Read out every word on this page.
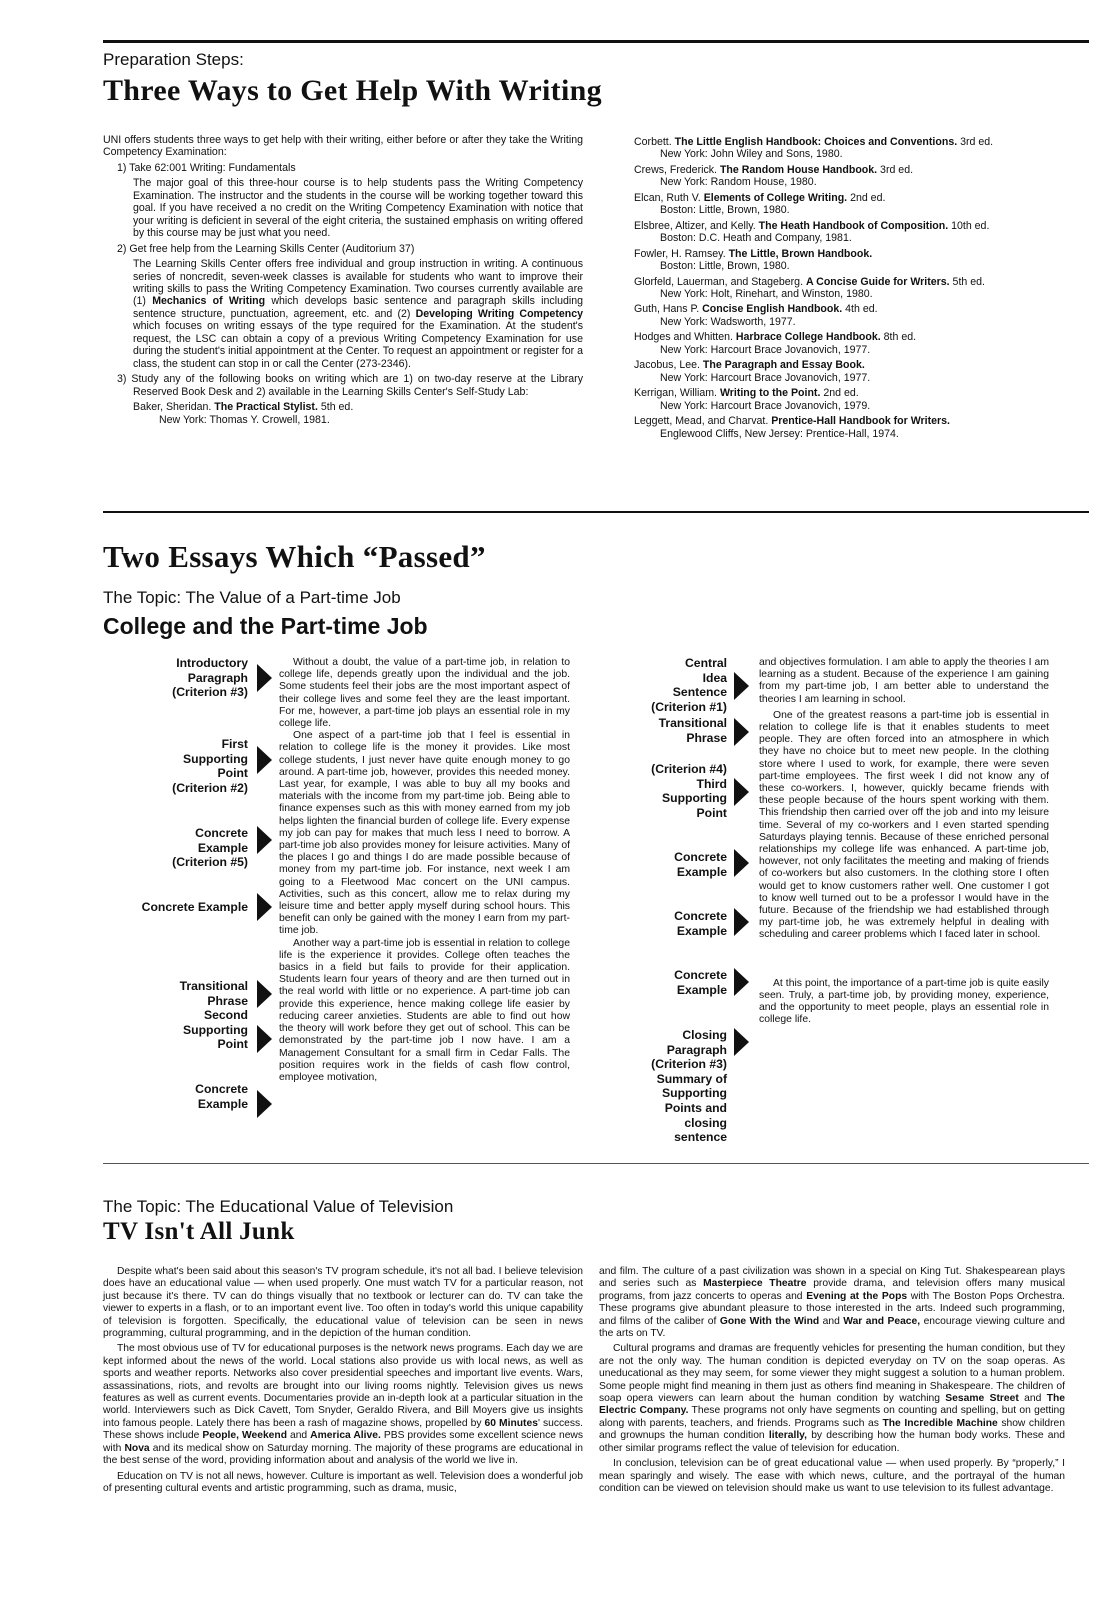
Preparation Steps:
Three Ways to Get Help With Writing

UNI offers students three ways to get help with their writing, either before or after they take the Writing Competency Examination:

1) Take 62:001 Writing: Fundamentals

The major goal of this three-hour course is to help students pass the Writing Competency Examination. The instructor and the students in the course will be working together toward this goal. If you have received a no credit on the Writing Competency Examination with notice that your writing is deficient in several of the eight criteria, the sustained emphasis on writing offered by this course may be just what you need.

2) Get free help from the Learning Skills Center (Auditorium 37)

The Learning Skills Center offers free individual and group instruction in writing. A continuous series of noncredit, seven-week classes is available for students who want to improve their writing skills to pass the Writing Competency Examination. Two courses currently available are (1) Mechanics of Writing which develops basic sentence and paragraph skills including sentence structure, punctuation, agreement, etc. and (2) Developing Writing Competency which focuses on writing essays of the type required for the Examination. At the student's request, the LSC can obtain a copy of a previous Writing Competency Examination for use during the student's initial appointment at the Center. To request an appointment or register for a class, the student can stop in or call the Center (273-2346).

3) Study any of the following books on writing which are 1) on two-day reserve at the Library Reserved Book Desk and 2) available in the Learning Skills Center's Self-Study Lab:

Baker, Sheridan. The Practical Stylist. 5th ed.
New York: Thomas Y. Crowell, 1981.

Corbett. The Little English Handbook: Choices and Conventions. 3rd ed.
New York: John Wiley and Sons, 1980.

Crews, Frederick. The Random House Handbook. 3rd ed.
New York: Random House, 1980.

Elcan, Ruth V. Elements of College Writing. 2nd ed.
Boston: Little, Brown, 1980.

Elsbree, Altizer, and Kelly. The Heath Handbook of Composition. 10th ed.
Boston: D.C. Heath and Company, 1981.

Fowler, H. Ramsey. The Little, Brown Handbook.
Boston: Little, Brown, 1980.

Glorfeld, Lauerman, and Stageberg. A Concise Guide for Writers. 5th ed.
New York: Holt, Rinehart, and Winston, 1980.

Guth, Hans P. Concise English Handbook. 4th ed.
New York: Wadsworth, 1977.

Hodges and Whitten. Harbrace College Handbook. 8th ed.
New York: Harcourt Brace Jovanovich, 1977.

Jacobus, Lee. The Paragraph and Essay Book.
New York: Harcourt Brace Jovanovich, 1977.

Kerrigan, William. Writing to the Point. 2nd ed.
New York: Harcourt Brace Jovanovich, 1979.

Leggett, Mead, and Charvat. Prentice-Hall Handbook for Writers.
Englewood Cliffs, New Jersey: Prentice-Hall, 1974.

Two Essays Which “Passed”
The Topic: The Value of a Part-time Job
College and the Part-time Job
Introductory
Paragraph
(Criterion #3)
First
Supporting
Point
(Criterion #2)
Concrete
Example
(Criterion #5)
Concrete Example
Transitional
Phrase
Second
Supporting
Point
Concrete
Example

Without a doubt, the value of a part-time job, in relation to college life, depends greatly upon the individual and the job. Some students feel their jobs are the most important aspect of their college lives and some feel they are the least important. For me, however, a part-time job plays an essential role in my college life.

One aspect of a part-time job that I feel is essential in relation to college life is the money it provides. Like most college students, I just never have quite enough money to go around. A part-time job, however, provides this needed money. Last year, for example, I was able to buy all my books and materials with the income from my part-time job. Being able to finance expenses such as this with money earned from my job helps lighten the financial burden of college life. Every expense my job can pay for makes that much less I need to borrow. A part-time job also provides money for leisure activities. Many of the places I go and things I do are made possible because of money from my part-time job. For instance, next week I am going to a Fleetwood Mac concert on the UNI campus. Activities, such as this concert, allow me to relax during my leisure time and better apply myself during school hours. This benefit can only be gained with the money I earn from my part-time job.

Another way a part-time job is essential in relation to college life is the experience it provides. College often teaches the basics in a field but fails to provide for their application. Students learn four years of theory and are then turned out in the real world with little or no experience. A part-time job can provide this experience, hence making college life easier by reducing career anxieties. Students are able to find out how the theory will work before they get out of school. This can be demonstrated by the part-time job I now have. I am a Management Consultant for a small firm in Cedar Falls. The position requires work in the fields of cash flow control, employee motivation,

Central
Idea
Sentence
(Criterion #1)
Transitional
Phrase
(Criterion #4)
Third
Supporting
Point
Concrete
Example
Concrete
Example
Concrete
Example
Closing
Paragraph
(Criterion #3)
Summary of
Supporting
Points and
closing
sentence

and objectives formulation. I am able to apply the theories I am learning as a student. Because of the experience I am gaining from my part-time job, I am better able to understand the theories I am learning in school.

One of the greatest reasons a part-time job is essential in relation to college life is that it enables students to meet people. They are often forced into an atmosphere in which they have no choice but to meet new people. In the clothing store where I used to work, for example, there were seven part-time employees. The first week I did not know any of these co-workers. I, however, quickly became friends with these people because of the hours spent working with them. This friendship then carried over off the job and into my leisure time. Several of my co-workers and I even started spending Saturdays playing tennis. Because of these enriched personal relationships my college life was enhanced. A part-time job, however, not only facilitates the meeting and making of friends of co-workers but also customers. In the clothing store I often would get to know customers rather well. One customer I got to know well turned out to be a professor I would have in the future. Because of the friendship we had established through my part-time job, he was extremely helpful in dealing with scheduling and career problems which I faced later in school.

At this point, the importance of a part-time job is quite easily seen. Truly, a part-time job, by providing money, experience, and the opportunity to meet people, plays an essential role in college life.

The Topic: The Educational Value of Television
TV Isn't All Junk

Despite what's been said about this season's TV program schedule, it's not all bad. I believe television does have an educational value — when used properly. One must watch TV for a particular reason, not just because it's there. TV can do things visually that no textbook or lecturer can do. TV can take the viewer to experts in a flash, or to an important event live. Too often in today's world this unique capability of television is forgotten. Specifically, the educational value of television can be seen in news programming, cultural programming, and in the depiction of the human condition.

The most obvious use of TV for educational purposes is the network news programs. Each day we are kept informed about the news of the world. Local stations also provide us with local news, as well as sports and weather reports. Networks also cover presidential speeches and important live events. Wars, assassinations, riots, and revolts are brought into our living rooms nightly. Television gives us news features as well as current events. Documentaries provide an in-depth look at a particular situation in the world. Interviewers such as Dick Cavett, Tom Snyder, Geraldo Rivera, and Bill Moyers give us insights into famous people. Lately there has been a rash of magazine shows, propelled by 60 Minutes' success. These shows include People, Weekend and America Alive. PBS provides some excellent science news with Nova and its medical show on Saturday morning. The majority of these programs are educational in the best sense of the word, providing information about and analysis of the world we live in.

Education on TV is not all news, however. Culture is important as well. Television does a wonderful job of presenting cultural events and artistic programming, such as drama, music,

and film. The culture of a past civilization was shown in a special on King Tut. Shakespearean plays and series such as Masterpiece Theatre provide drama, and television offers many musical programs, from jazz concerts to operas and Evening at the Pops with The Boston Pops Orchestra. These programs give abundant pleasure to those interested in the arts. Indeed such programming, and films of the caliber of Gone With the Wind and War and Peace, encourage viewing culture and the arts on TV.

Cultural programs and dramas are frequently vehicles for presenting the human condition, but they are not the only way. The human condition is depicted everyday on TV on the soap operas. As uneducational as they may seem, for some viewer they might suggest a solution to a human problem. Some people might find meaning in them just as others find meaning in Shakespeare. The children of soap opera viewers can learn about the human condition by watching Sesame Street and The Electric Company. These programs not only have segments on counting and spelling, but on getting along with parents, teachers, and friends. Programs such as The Incredible Machine show children and grownups the human condition literally, by describing how the human body works. These and other similar programs reflect the value of television for education.

In conclusion, television can be of great educational value — when used properly. By “properly,” I mean sparingly and wisely. The ease with which news, culture, and the portrayal of the human condition can be viewed on television should make us want to use television to its fullest advantage.
